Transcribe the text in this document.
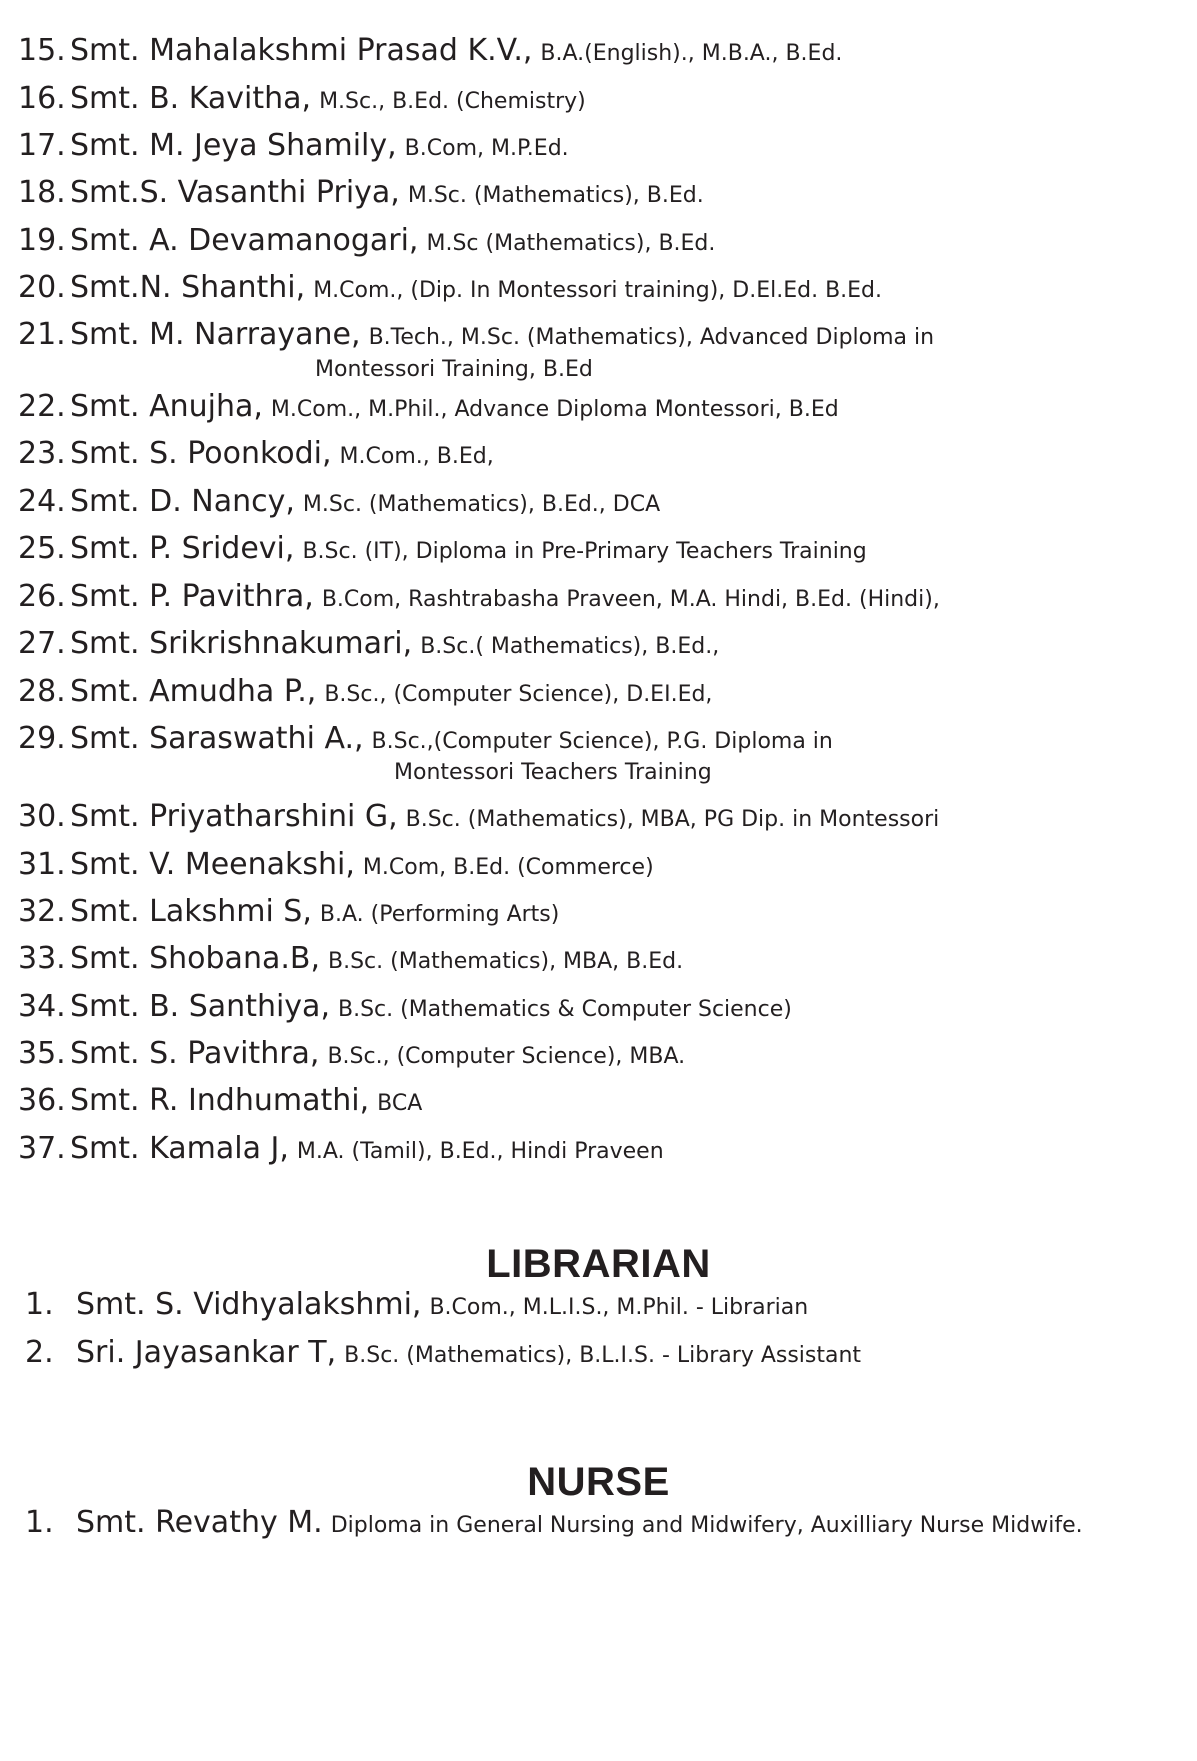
15. Smt. Mahalakshmi Prasad K.V., B.A.(English)., M.B.A., B.Ed.
16. Smt. B. Kavitha, M.Sc., B.Ed. (Chemistry)
17. Smt. M. Jeya Shamily, B.Com, M.P.Ed.
18. Smt.S. Vasanthi Priya, M.Sc. (Mathematics), B.Ed.
19. Smt. A. Devamanogari, M.Sc (Mathematics), B.Ed.
20. Smt.N. Shanthi, M.Com., (Dip. In Montessori training), D.El.Ed. B.Ed.
21. Smt. M. Narrayane, B.Tech., M.Sc. (Mathematics), Advanced Diploma in
Montessori Training, B.Ed
22. Smt. Anujha, M.Com., M.Phil., Advance Diploma Montessori, B.Ed
23. Smt. S. Poonkodi, M.Com., B.Ed,
24. Smt. D. Nancy, M.Sc. (Mathematics), B.Ed., DCA
25. Smt. P. Sridevi, B.Sc. (IT), Diploma in Pre-Primary Teachers Training
26. Smt. P. Pavithra, B.Com, Rashtrabasha Praveen, M.A. Hindi, B.Ed. (Hindi),
27. Smt. Srikrishnakumari, B.Sc.( Mathematics), B.Ed.,
28. Smt. Amudha P., B.Sc., (Computer Science), D.EI.Ed,
29. Smt. Saraswathi A., B.Sc.,(Computer Science), P.G. Diploma in
Montessori Teachers Training
30. Smt. Priyatharshini G, B.Sc. (Mathematics), MBA, PG Dip. in Montessori
31. Smt. V. Meenakshi, M.Com, B.Ed. (Commerce)
32. Smt. Lakshmi S, B.A. (Performing Arts)
33. Smt. Shobana.B, B.Sc. (Mathematics), MBA, B.Ed.
34. Smt. B. Santhiya, B.Sc. (Mathematics & Computer Science)
35. Smt. S. Pavithra, B.Sc., (Computer Science), MBA.
36. Smt. R. Indhumathi, BCA
37. Smt. Kamala J, M.A. (Tamil), B.Ed., Hindi Praveen
LIBRARIAN
1. Smt. S. Vidhyalakshmi, B.Com., M.L.I.S., M.Phil. - Librarian
2. Sri. Jayasankar T, B.Sc. (Mathematics), B.L.I.S. - Library Assistant
NURSE
1. Smt. Revathy M. Diploma in General Nursing and Midwifery, Auxilliary Nurse Midwife.
